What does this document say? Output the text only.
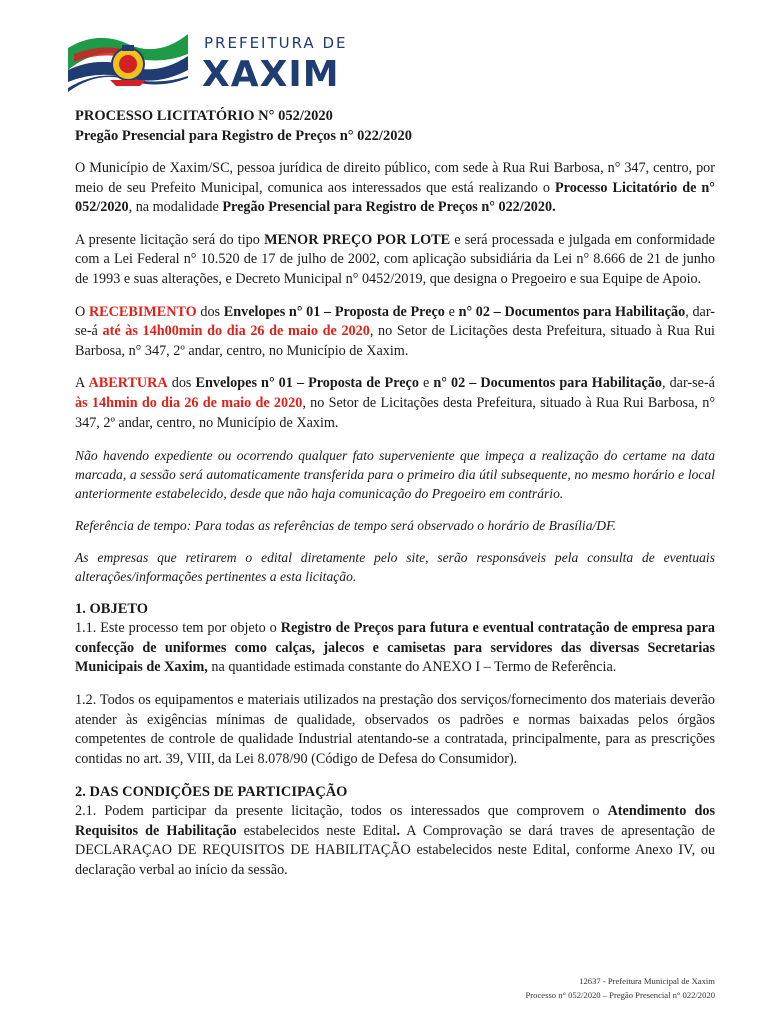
PREFEITURA DE
XAXIM
PROCESSO LICITATÓRIO N° 052/2020
Pregão Presencial para Registro de Preços n° 022/2020

O Município de Xaxim/SC, pessoa jurídica de direito público, com sede à Rua Rui Barbosa, n° 347, centro, por meio de seu Prefeito Municipal, comunica aos interessados que está realizando o Processo Licitatório de n° 052/2020, na modalidade Pregão Presencial para Registro de Preços n° 022/2020.

A presente licitação será do tipo MENOR PREÇO POR LOTE e será processada e julgada em conformidade com a Lei Federal n° 10.520 de 17 de julho de 2002, com aplicação subsidiária da Lei n° 8.666 de 21 de junho de 1993 e suas alterações, e Decreto Municipal n° 0452/2019, que designa o Pregoeiro e sua Equipe de Apoio.

O RECEBIMENTO dos Envelopes n° 01 – Proposta de Preço e n° 02 – Documentos para Habilitação, dar-se-á até às 14h00min do dia 26 de maio de 2020, no Setor de Licitações desta Prefeitura, situado à Rua Rui Barbosa, n° 347, 2º andar, centro, no Município de Xaxim.

A ABERTURA dos Envelopes n° 01 – Proposta de Preço e n° 02 – Documentos para Habilitação, dar-se-á às 14hmin do dia 26 de maio de 2020, no Setor de Licitações desta Prefeitura, situado à Rua Rui Barbosa, n° 347, 2º andar, centro, no Município de Xaxim.

Não havendo expediente ou ocorrendo qualquer fato superveniente que impeça a realização do certame na data marcada, a sessão será automaticamente transferida para o primeiro dia útil subsequente, no mesmo horário e local anteriormente estabelecido, desde que não haja comunicação do Pregoeiro em contrário.

Referência de tempo: Para todas as referências de tempo será observado o horário de Brasília/DF.

As empresas que retirarem o edital diretamente pelo site, serão responsáveis pela consulta de eventuais alterações/informações pertinentes a esta licitação.

1. OBJETO

1.1. Este processo tem por objeto o Registro de Preços para futura e eventual contratação de empresa para confecção de uniformes como calças, jalecos e camisetas para servidores das diversas Secretarias Municipais de Xaxim, na quantidade estimada constante do ANEXO I – Termo de Referência.

1.2. Todos os equipamentos e materiais utilizados na prestação dos serviços/fornecimento dos materiais deverão atender às exigências mínimas de qualidade, observados os padrões e normas baixadas pelos órgãos competentes de controle de qualidade Industrial atentando-se a contratada, principalmente, para as prescrições contidas no art. 39, VIII, da Lei 8.078/90 (Código de Defesa do Consumidor).

2. DAS CONDIÇÕES DE PARTICIPAÇÃO

2.1. Podem participar da presente licitação, todos os interessados que comprovem o Atendimento dos Requisitos de Habilitação estabelecidos neste Edital. A Comprovação se dará traves de apresentação de DECLARAÇAO DE REQUISITOS DE HABILITAÇÃO estabelecidos neste Edital, conforme Anexo IV, ou declaração verbal ao início da sessão.

12637 - Prefeitura Municipal de Xaxim
Processo n° 052/2020 – Pregão Presencial n° 022/2020
